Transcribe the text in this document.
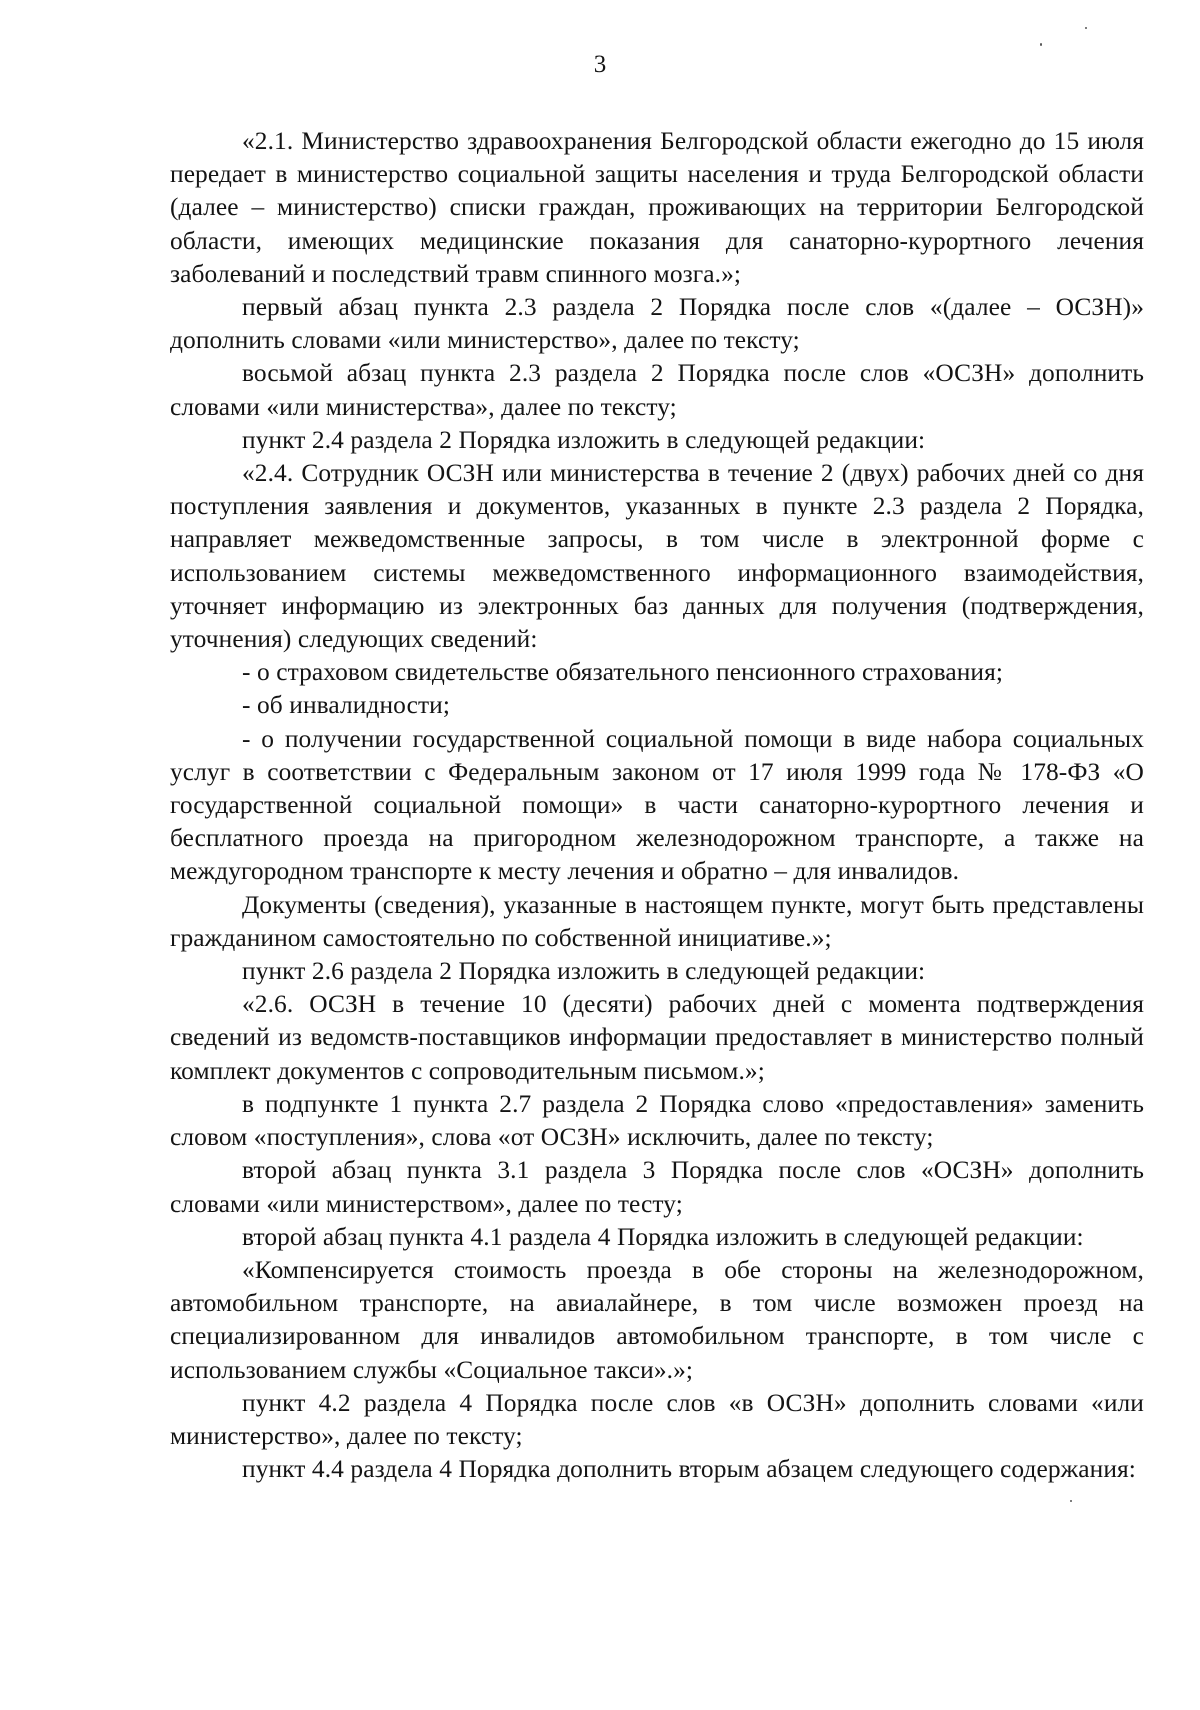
3

«2.1. Министерство здравоохранения Белгородской области ежегодно до 15 июля передает в министерство социальной защиты населения и труда Белгородской области (далее – министерство) списки граждан, проживающих на территории Белгородской области, имеющих медицинские показания для санаторно-курортного лечения заболеваний и последствий травм спинного мозга.»;

первый абзац пункта 2.3 раздела 2 Порядка после слов «(далее – ОСЗН)» дополнить словами «или министерство», далее по тексту;

восьмой абзац пункта 2.3 раздела 2 Порядка после слов «ОСЗН» дополнить словами «или министерства», далее по тексту;

пункт 2.4 раздела 2 Порядка изложить в следующей редакции:

«2.4. Сотрудник ОСЗН или министерства в течение 2 (двух) рабочих дней со дня поступления заявления и документов, указанных в пункте 2.3 раздела 2 Порядка, направляет межведомственные запросы, в том числе в электронной форме с использованием системы межведомственного информационного взаимодействия, уточняет информацию из электронных баз данных для получения (подтверждения, уточнения) следующих сведений:

- о страховом свидетельстве обязательного пенсионного страхования;

- об инвалидности;

- о получении государственной социальной помощи в виде набора социальных услуг в соответствии с Федеральным законом от 17 июля 1999 года № 178-ФЗ «О государственной социальной помощи» в части санаторно-курортного лечения и бесплатного проезда на пригородном железнодорожном транспорте, а также на междугородном транспорте к месту лечения и обратно – для инвалидов.

Документы (сведения), указанные в настоящем пункте, могут быть представлены гражданином самостоятельно по собственной инициативе.»;

пункт 2.6 раздела 2 Порядка изложить в следующей редакции:

«2.6. ОСЗН в течение 10 (десяти) рабочих дней с момента подтверждения сведений из ведомств-поставщиков информации предоставляет в министерство полный комплект документов с сопроводительным письмом.»;

в подпункте 1 пункта 2.7 раздела 2 Порядка слово «предоставления» заменить словом «поступления», слова «от ОСЗН» исключить, далее по тексту;

второй абзац пункта 3.1 раздела 3 Порядка после слов «ОСЗН» дополнить словами «или министерством», далее по тесту;

второй абзац пункта 4.1 раздела 4 Порядка изложить в следующей редакции:

«Компенсируется стоимость проезда в обе стороны на железнодорожном, автомобильном транспорте, на авиалайнере, в том числе возможен проезд на специализированном для инвалидов автомобильном транспорте, в том числе с использованием службы «Социальное такси».»;

пункт 4.2 раздела 4 Порядка после слов «в ОСЗН» дополнить словами «или министерство», далее по тексту;

пункт 4.4 раздела 4 Порядка дополнить вторым абзацем следующего содержания:
